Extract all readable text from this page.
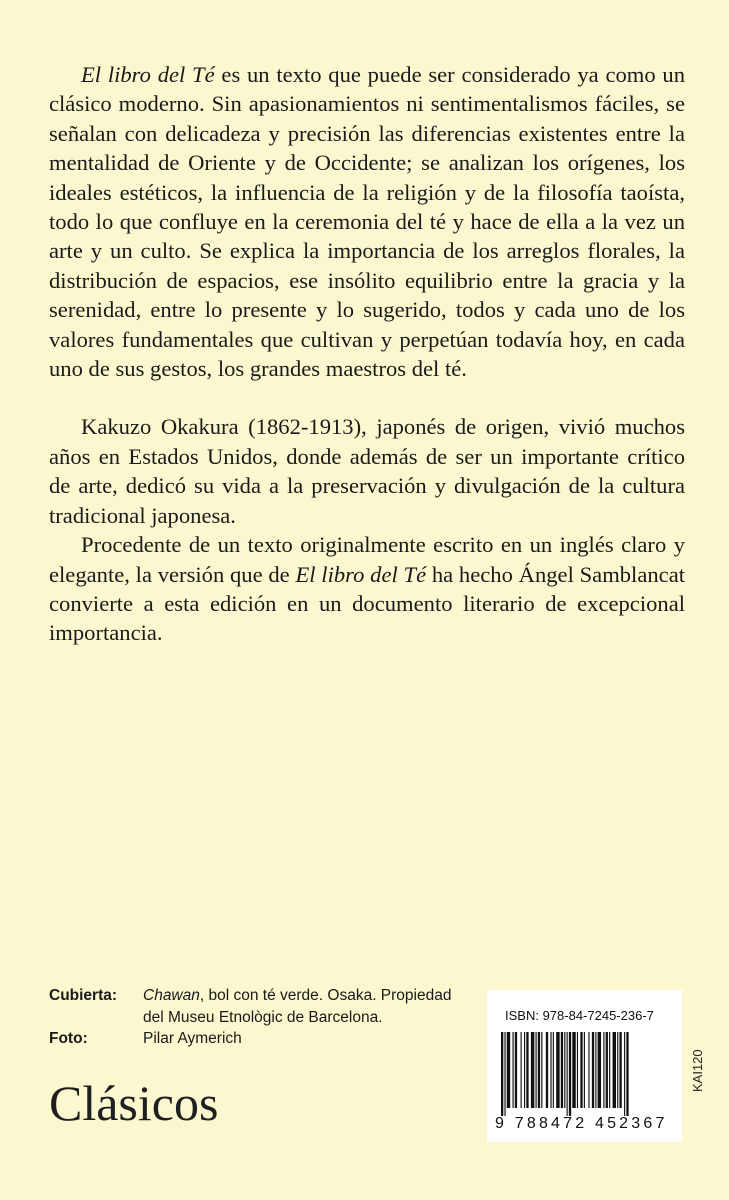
El libro del Té es un texto que puede ser considerado ya como un clásico moderno. Sin apasionamientos ni sentimentalismos fáciles, se señalan con delicadeza y precisión las diferencias existentes entre la mentalidad de Oriente y de Occidente; se analizan los orígenes, los ideales estéticos, la influencia de la religión y de la filosofía taoísta, todo lo que confluye en la ceremonia del té y hace de ella a la vez un arte y un culto. Se explica la importancia de los arreglos florales, la distribución de espacios, ese insólito equilibrio entre la gracia y la serenidad, entre lo presente y lo sugerido, todos y cada uno de los valores fundamentales que cultivan y perpetúan todavía hoy, en cada uno de sus gestos, los grandes maestros del té.

Kakuzo Okakura (1862-1913), japonés de origen, vivió muchos años en Estados Unidos, donde además de ser un importante crítico de arte, dedicó su vida a la preservación y divulgación de la cultura tradicional japonesa.

Procedente de un texto originalmente escrito en un inglés claro y elegante, la versión que de El libro del Té ha hecho Ángel Samblancat convierte a esta edición en un documento literario de excepcional importancia.

Cubierta:	Chawan, bol con té verde. Osaka. Propiedad del Museu Etnològic de Barcelona.
Foto:	Pilar Aymerich
Clásicos
ISBN: 978-84-7245-236-7
9 788472 452367
KAI120
